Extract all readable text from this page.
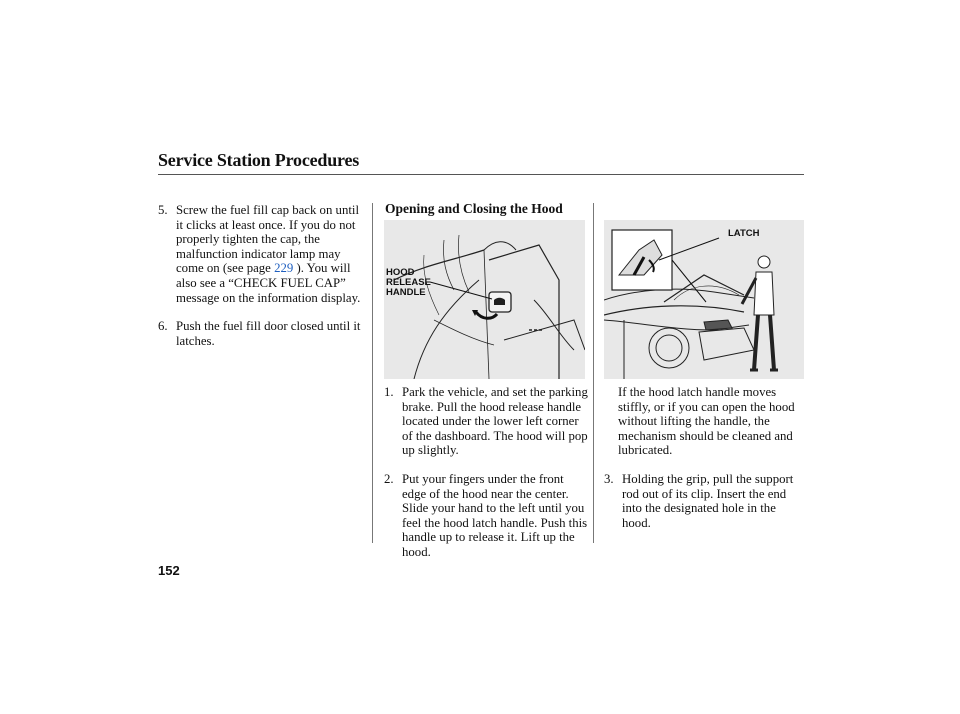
Service Station Procedures
5. Screw the fuel fill cap back on until it clicks at least once. If you do not properly tighten the cap, the malfunction indicator lamp may come on (see page 229 ). You will also see a “CHECK FUEL CAP” message on the information display.
6. Push the fuel fill door closed until it latches.
Opening and Closing the Hood
HOOD
RELEASE
HANDLE
1. Park the vehicle, and set the parking brake. Pull the hood release handle located under the lower left corner of the dashboard. The hood will pop up slightly.
2. Put your fingers under the front edge of the hood near the center. Slide your hand to the left until you feel the hood latch handle. Push this handle up to release it. Lift up the hood.
LATCH
If the hood latch handle moves stiffly, or if you can open the hood without lifting the handle, the mechanism should be cleaned and lubricated.
3. Holding the grip, pull the support rod out of its clip. Insert the end into the designated hole in the hood.
152
